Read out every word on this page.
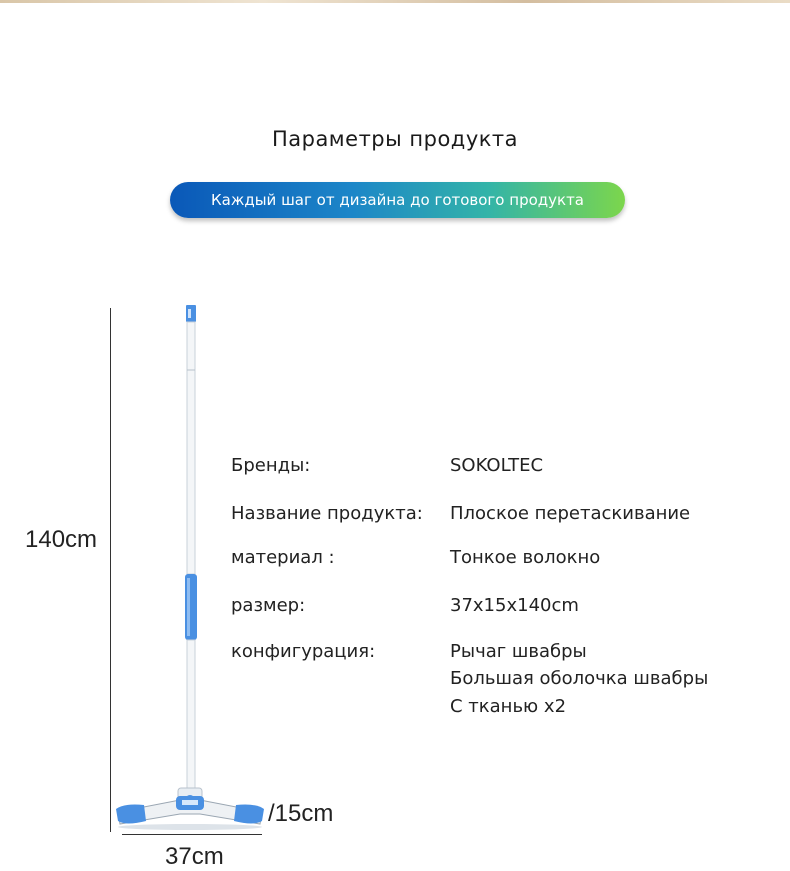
Параметры продукта
Каждый шаг от дизайна до готового продукта
140cm
37cm
/15cm
Бренды:	SOKOLTEC
Название продукта: Плоское перетаскивание
материал :	Тонкое волокно
размер:	37x15x140cm
конфигурация:	Рычаг швабры
Большая оболочка швабры
С тканью x2
